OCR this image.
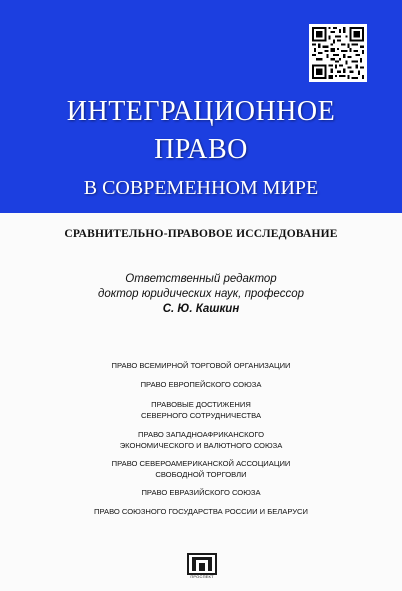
ИНТЕГРАЦИОННОЕ
ПРАВО
В СОВРЕМЕННОМ МИРЕ
СРАВНИТЕЛЬНО-ПРАВОВОЕ ИССЛЕДОВАНИЕ
Ответственный редактор
доктор юридических наук, профессор
С. Ю. Кашкин
ПРАВО ВСЕМИРНОЙ ТОРГОВОЙ ОРГАНИЗАЦИИ
ПРАВО ЕВРОПЕЙСКОГО СОЮЗА
ПРАВОВЫЕ ДОСТИЖЕНИЯ
СЕВЕРНОГО СОТРУДНИЧЕСТВА
ПРАВО ЗАПАДНОАФРИКАНСКОГО
ЭКОНОМИЧЕСКОГО И ВАЛЮТНОГО СОЮЗА
ПРАВО СЕВЕРОАМЕРИКАНСКОЙ АССОЦИАЦИИ
СВОБОДНОЙ ТОРГОВЛИ
ПРАВО ЕВРАЗИЙСКОГО СОЮЗА
ПРАВО СОЮЗНОГО ГОСУДАРСТВА РОССИИ И БЕЛАРУСИ
ПРОСПЕКТ
